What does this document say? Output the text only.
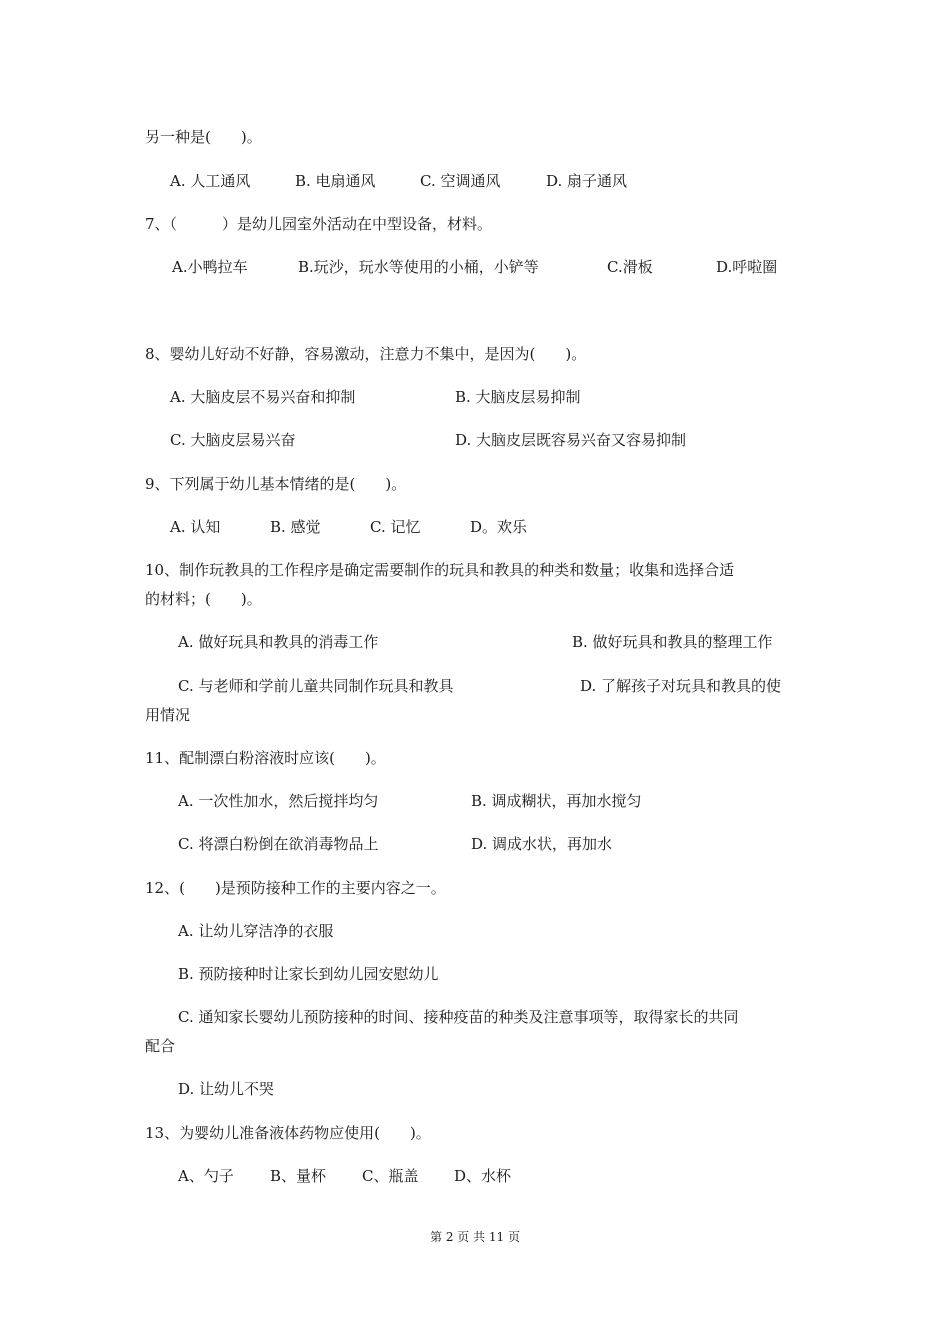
另一种是(　　)。
A. 人工通风	B. 电扇通风	C. 空调通风	D. 扇子通风
7、（　　　）是幼儿园室外活动在中型设备，材料。
A.小鸭拉车	B.玩沙，玩水等使用的小桶，小铲等	C.滑板	D.呼啦圈
8、婴幼儿好动不好静，容易激动，注意力不集中，是因为(　　)。
A. 大脑皮层不易兴奋和抑制	B. 大脑皮层易抑制
C. 大脑皮层易兴奋	D. 大脑皮层既容易兴奋又容易抑制
9、下列属于幼儿基本情绪的是(　　)。
A. 认知	B. 感觉	C. 记忆	D。欢乐
10、制作玩教具的工作程序是确定需要制作的玩具和教具的种类和数量；收集和选择合适
的材料；(　　)。
A. 做好玩具和教具的消毒工作	B. 做好玩具和教具的整理工作
C. 与老师和学前儿童共同制作玩具和教具	D. 了解孩子对玩具和教具的使
用情况
11、配制漂白粉溶液时应该(　　)。
A. 一次性加水，然后搅拌均匀	B. 调成糊状，再加水搅匀
C. 将漂白粉倒在欲消毒物品上	D. 调成水状，再加水
12、(　　)是预防接种工作的主要内容之一。
A. 让幼儿穿洁净的衣服
B. 预防接种时让家长到幼儿园安慰幼儿
C. 通知家长婴幼儿预防接种的时间、接种疫苗的种类及注意事项等，取得家长的共同
配合
D. 让幼儿不哭
13、为婴幼儿准备液体药物应使用(　　)。
A、勺子 B、量杯 C、瓶盖 D、水杯
第 2 页 共 11 页
